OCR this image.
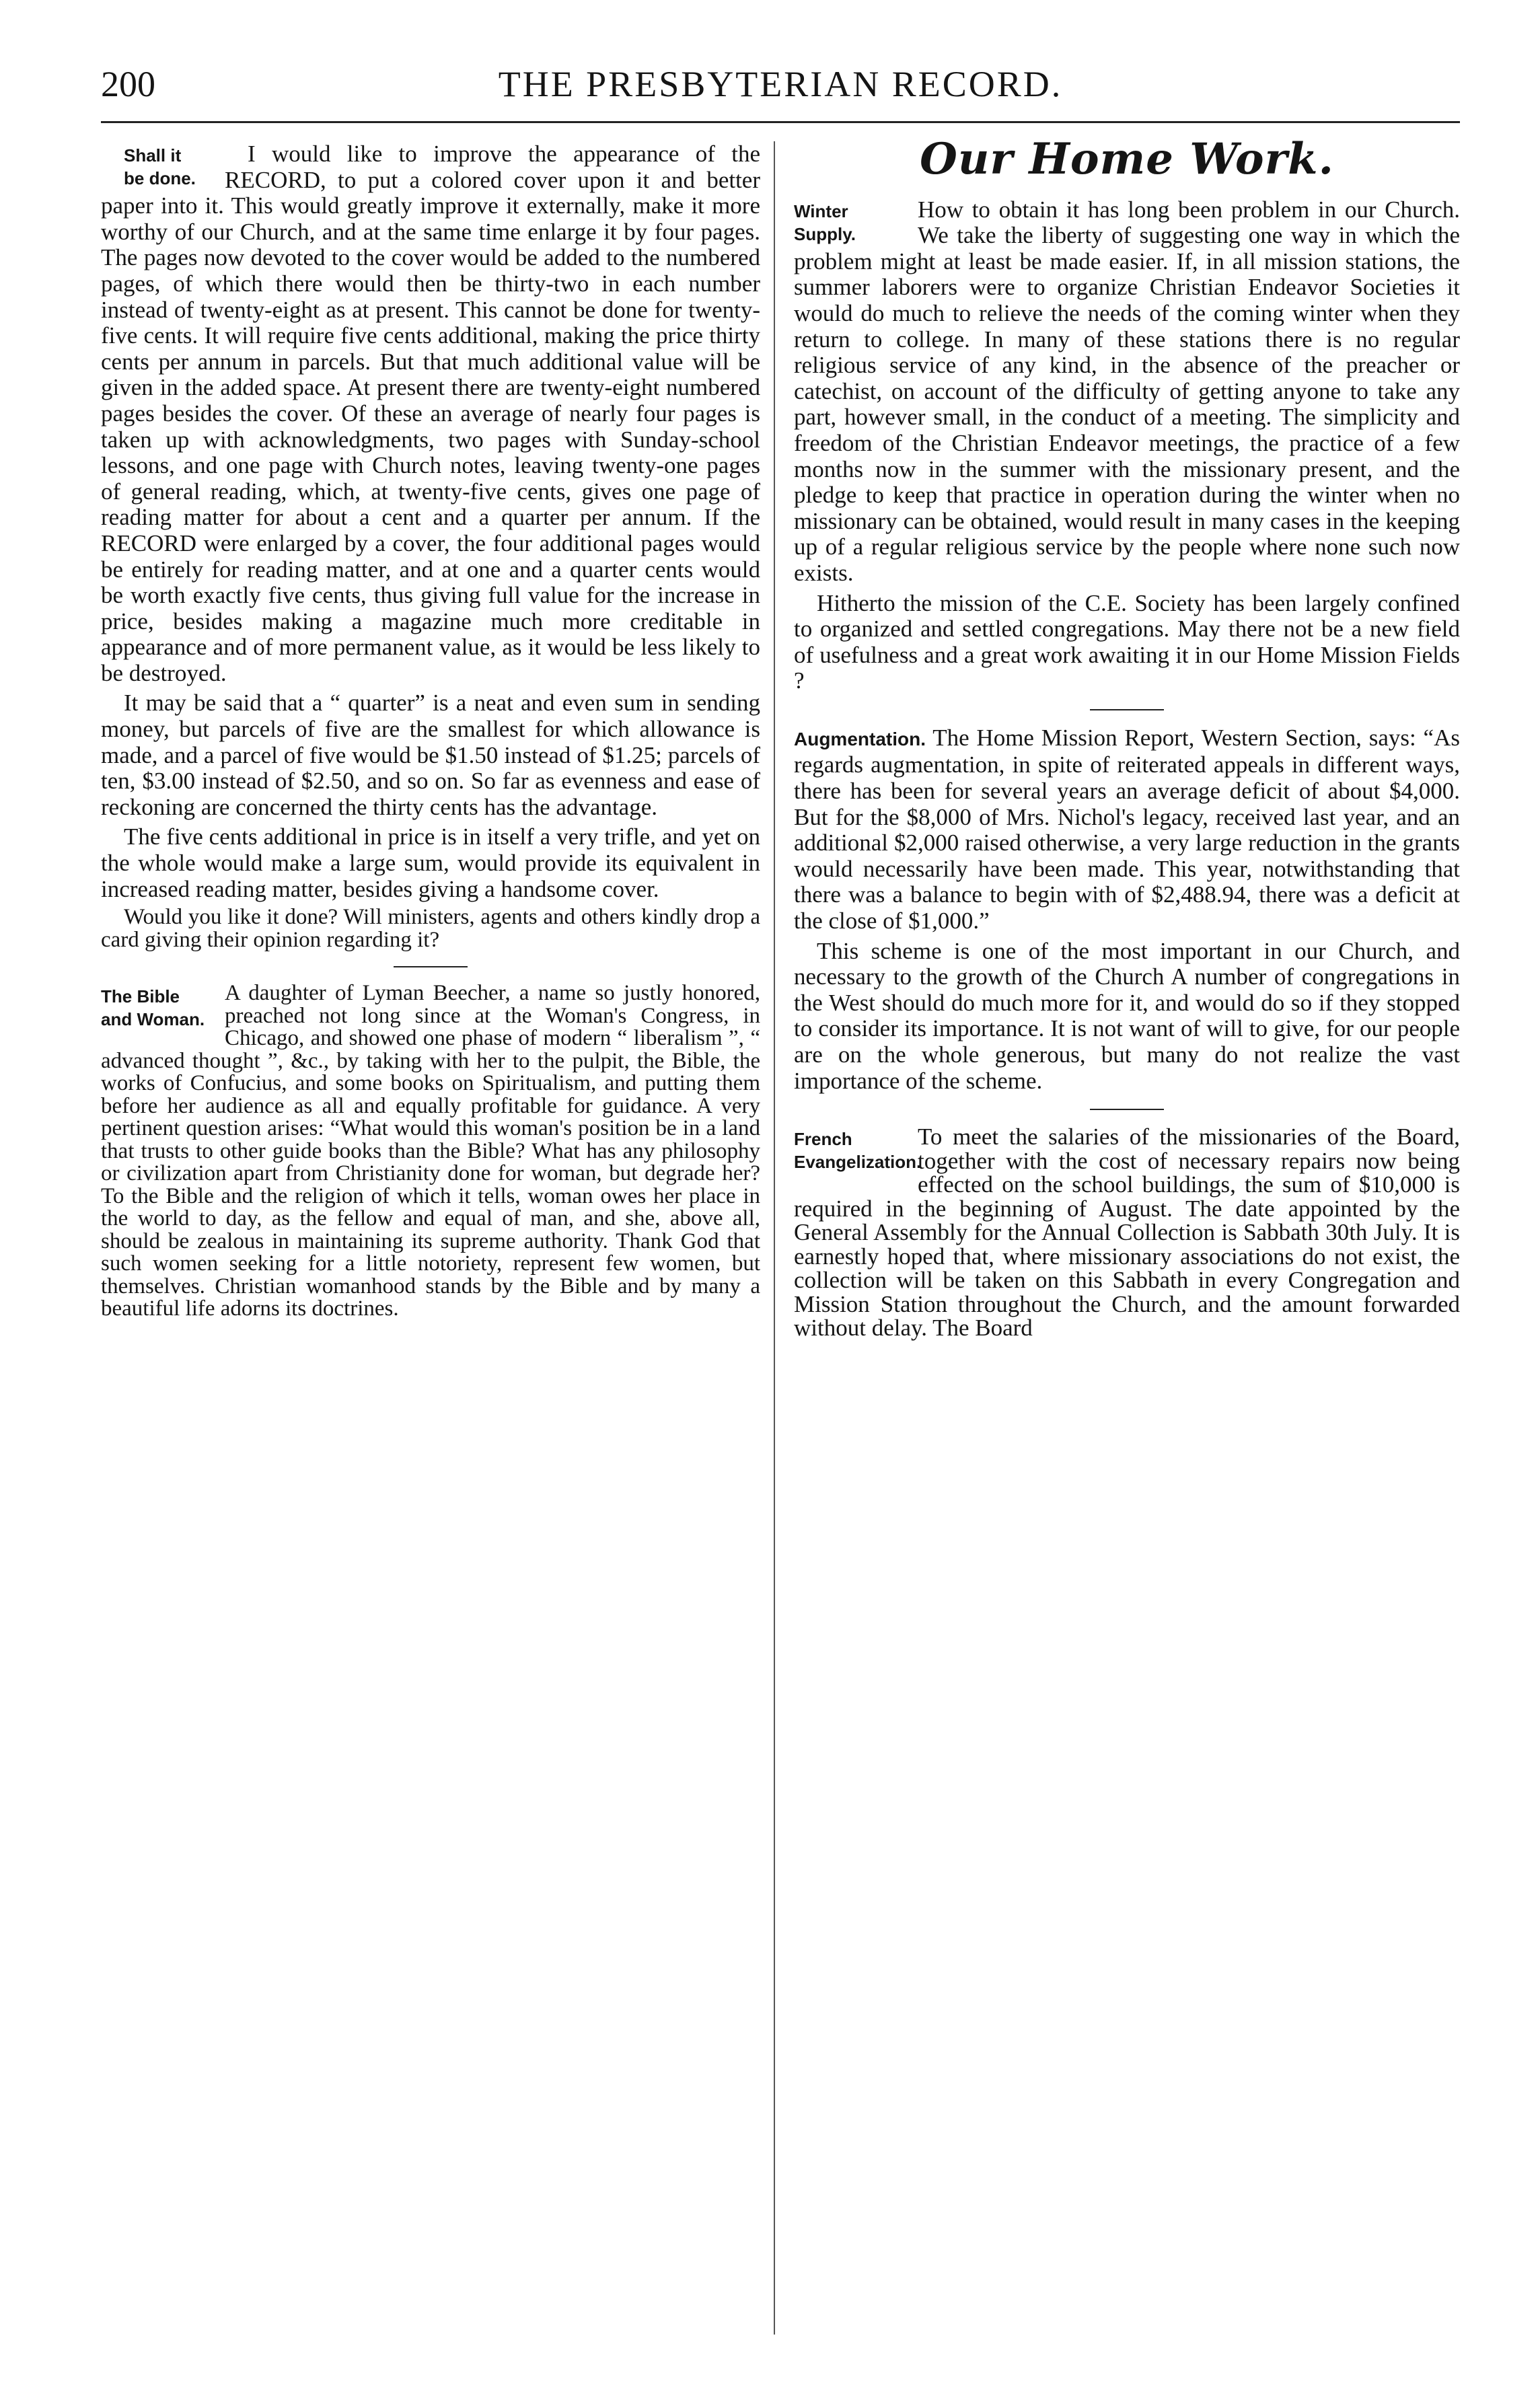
200	THE PRESBYTERIAN RECORD.

Shall it
be done.
I would like to improve the appearance of the RECORD, to put a colored cover upon it and better paper into it. This would greatly improve it externally, make it more worthy of our Church, and at the same time enlarge it by four pages. The pages now devoted to the cover would be added to the numbered pages, of which there would then be thirty-two in each number instead of twenty-eight as at present. This cannot be done for twenty-five cents. It will require five cents additional, making the price thirty cents per annum in parcels. But that much additional value will be given in the added space. At present there are twenty-eight numbered pages besides the cover. Of these an average of nearly four pages is taken up with acknowledgments, two pages with Sunday-school lessons, and one page with Church notes, leaving twenty-one pages of general reading, which, at twenty-five cents, gives one page of reading matter for about a cent and a quarter per annum. If the RECORD were enlarged by a cover, the four additional pages would be entirely for reading matter, and at one and a quarter cents would be worth exactly five cents, thus giving full value for the increase in price, besides making a magazine much more creditable in appearance and of more permanent value, as it would be less likely to be destroyed.

It may be said that a “ quarter” is a neat and even sum in sending money, but parcels of five are the smallest for which allowance is made, and a parcel of five would be $1.50 instead of $1.25; parcels of ten, $3.00 instead of $2.50, and so on. So far as evenness and ease of reckoning are concerned the thirty cents has the advantage.

The five cents additional in price is in itself a very trifle, and yet on the whole would make a large sum, would provide its equivalent in increased reading matter, besides giving a handsome cover.

Would you like it done? Will ministers, agents and others kindly drop a card giving their opinion regarding it?

The Bible
and Woman.
A daughter of Lyman Beecher, a name so justly honored, preached not long since at the Woman's Congress, in Chicago, and showed one phase of modern “ liberalism ”, “ advanced thought ”, &c., by taking with her to the pulpit, the Bible, the works of Confucius, and some books on Spiritualism, and putting them before her audience as all and equally profitable for guidance. A very pertinent question arises: “What would this woman's position be in a land that trusts to other guide books than the Bible? What has any philosophy or civilization apart from Christianity done for woman, but degrade her? To the Bible and the religion of which it tells, woman owes her place in the world to day, as the fellow and equal of man, and she, above all, should be zealous in maintaining its supreme authority. Thank God that such women seeking for a little notoriety, represent few women, but themselves. Christian womanhood stands by the Bible and by many a beautiful life adorns its doctrines.

Our Home Work.

Winter
Supply.
How to obtain it has long been problem in our Church. We take the liberty of suggesting one way in which the problem might at least be made easier. If, in all mission stations, the summer laborers were to organize Christian Endeavor Societies it would do much to relieve the needs of the coming winter when they return to college. In many of these stations there is no regular religious service of any kind, in the absence of the preacher or catechist, on account of the difficulty of getting anyone to take any part, however small, in the conduct of a meeting. The simplicity and freedom of the Christian Endeavor meetings, the practice of a few months now in the summer with the missionary present, and the pledge to keep that practice in operation during the winter when no missionary can be obtained, would result in many cases in the keeping up of a regular religious service by the people where none such now exists.

Hitherto the mission of the C.E. Society has been largely confined to organized and settled congregations. May there not be a new field of usefulness and a great work awaiting it in our Home Mission Fields ?

Augmentation. The Home Mission Report, Western Section, says: “As regards augmentation, in spite of reiterated appeals in different ways, there has been for several years an average deficit of about $4,000. But for the $8,000 of Mrs. Nichol's legacy, received last year, and an additional $2,000 raised otherwise, a very large reduction in the grants would necessarily have been made. This year, notwithstanding that there was a balance to begin with of $2,488.94, there was a deficit at the close of $1,000.”

This scheme is one of the most important in our Church, and necessary to the growth of the Church A number of congregations in the West should do much more for it, and would do so if they stopped to consider its importance. It is not want of will to give, for our people are on the whole generous, but many do not realize the vast importance of the scheme.

French
Evangelization.
To meet the salaries of the missionaries of the Board, together with the cost of necessary repairs now being effected on the school buildings, the sum of $10,000 is required in the beginning of August. The date appointed by the General Assembly for the Annual Collection is Sabbath 30th July. It is earnestly hoped that, where missionary associations do not exist, the collection will be taken on this Sabbath in every Congregation and Mission Station throughout the Church, and the amount forwarded without delay. The Board
